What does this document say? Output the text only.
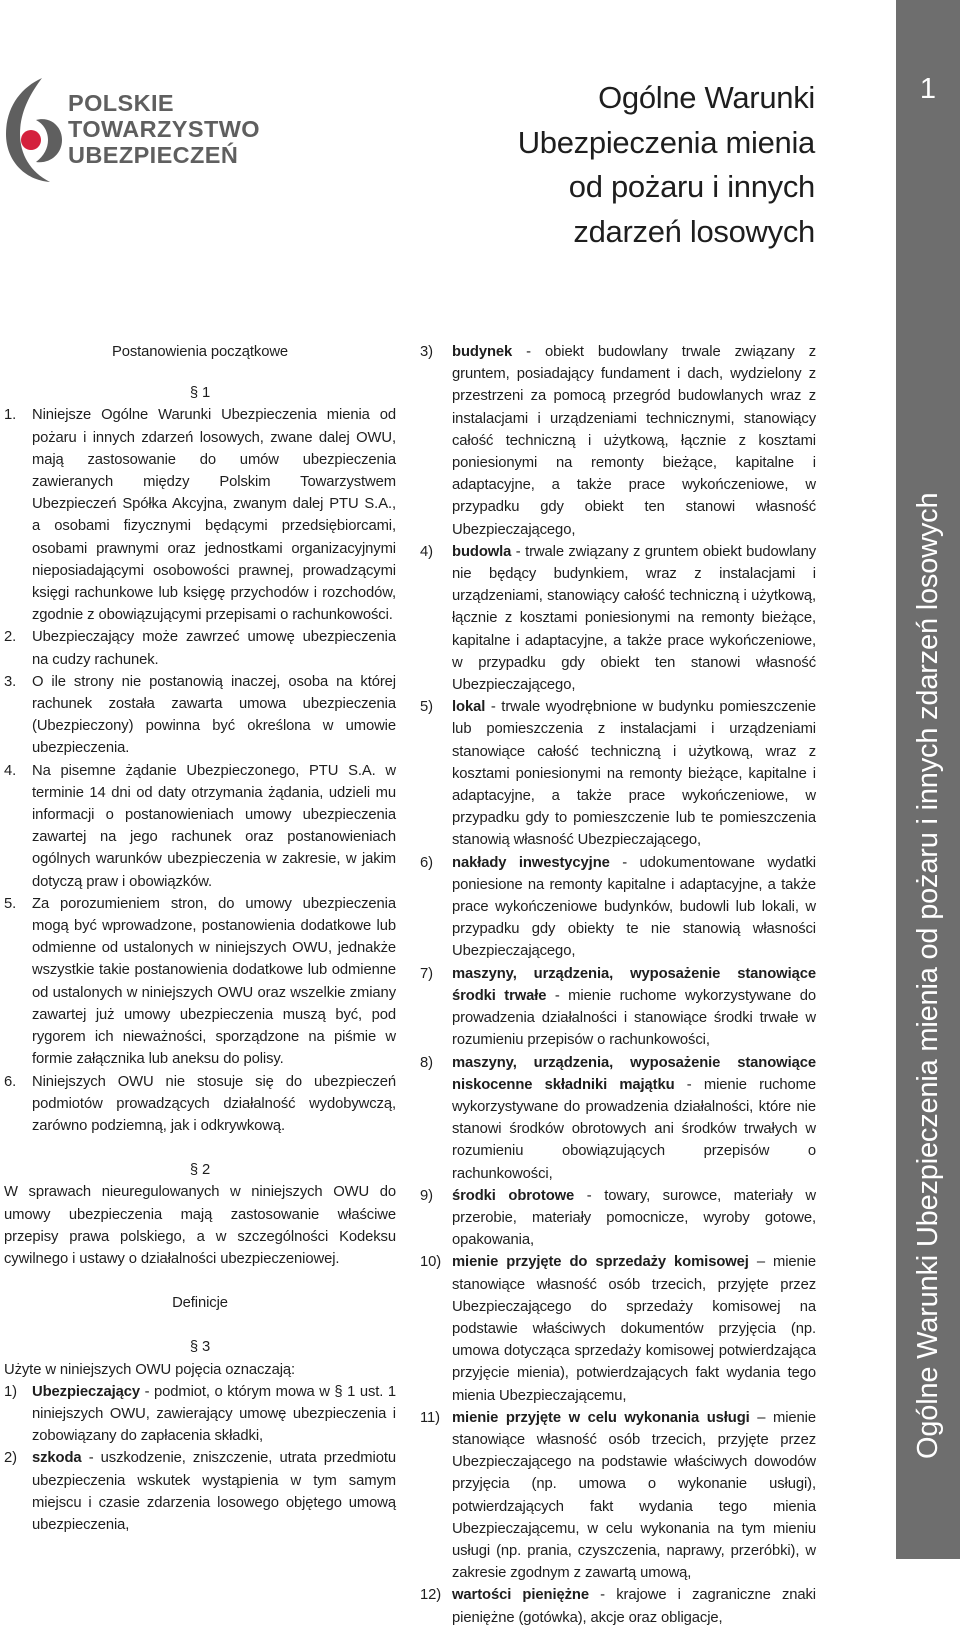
POLSKIE
TOWARZYSTWO
UBEZPIECZEŃ
Ogólne Warunki
Ubezpieczenia mienia
od pożaru i innych
zdarzeń losowych
1
Ogólne Warunki Ubezpieczenia mienia od pożaru i innych zdarzeń losowych

Postanowienia początkowe

§ 1

1. Niniejsze Ogólne Warunki Ubezpieczenia mienia od pożaru i innych zdarzeń losowych, zwane dalej OWU, mają zastosowanie do umów ubezpieczenia zawieranych między Polskim Towarzystwem Ubezpieczeń Spółka Akcyjna, zwanym dalej PTU S.A., a osobami fizycznymi będącymi przedsiębiorcami, osobami prawnymi oraz jednostkami organizacyjnymi nieposiadającymi osobowości prawnej, prowadzącymi księgi rachunkowe lub księgę przychodów i rozchodów, zgodnie z obowiązującymi przepisami o rachunkowości.
2. Ubezpieczający może zawrzeć umowę ubezpieczenia na cudzy rachunek.
3. O ile strony nie postanowią inaczej, osoba na której rachunek została zawarta umowa ubezpieczenia (Ubezpieczony) powinna być określona w umowie ubezpieczenia.
4. Na pisemne żądanie Ubezpieczonego, PTU S.A. w terminie 14 dni od daty otrzymania żądania, udzieli mu informacji o postanowieniach umowy ubezpieczenia zawartej na jego rachunek oraz postanowieniach ogólnych warunków ubezpieczenia w zakresie, w jakim dotyczą praw i obowiązków.
5. Za porozumieniem stron, do umowy ubezpieczenia mogą być wprowadzone, postanowienia dodatkowe lub odmienne od ustalonych w niniejszych OWU, jednakże wszystkie takie postanowienia dodatkowe lub odmienne od ustalonych w niniejszych OWU oraz wszelkie zmiany zawartej już umowy ubezpieczenia muszą być, pod rygorem ich nieważności, sporządzone na piśmie w formie załącznika lub aneksu do polisy.
6. Niniejszych OWU nie stosuje się do ubezpieczeń podmiotów prowadzących działalność wydobywczą, zarówno podziemną, jak i odkrywkową.

§ 2

W sprawach nieuregulowanych w niniejszych OWU do umowy ubezpieczenia mają zastosowanie właściwe przepisy prawa polskiego, a w szczególności Kodeksu cywilnego i ustawy o działalności ubezpieczeniowej.

Definicje

§ 3

Użyte w niniejszych OWU pojęcia oznaczają:

1) Ubezpieczający - podmiot, o którym mowa w § 1 ust. 1 niniejszych OWU, zawierający umowę ubezpieczenia i zobowiązany do zapłacenia składki,
2) szkoda - uszkodzenie, zniszczenie, utrata przedmiotu ubezpieczenia wskutek wystąpienia w tym samym miejscu i czasie zdarzenia losowego objętego umową ubezpieczenia,
3) budynek - obiekt budowlany trwale związany z gruntem, posiadający fundament i dach, wydzielony z przestrzeni za pomocą przegród budowlanych wraz z instalacjami i urządzeniami technicznymi, stanowiący całość techniczną i użytkową, łącznie z kosztami poniesionymi na remonty bieżące, kapitalne i adaptacyjne, a także prace wykończeniowe, w przypadku gdy obiekt ten stanowi własność Ubezpieczającego,
4) budowla - trwale związany z gruntem obiekt budowlany nie będący budynkiem, wraz z instalacjami i urządzeniami, stanowiący całość techniczną i użytkową, łącznie z kosztami poniesionymi na remonty bieżące, kapitalne i adaptacyjne, a także prace wykończeniowe, w przypadku gdy obiekt ten stanowi własność Ubezpieczającego,
5) lokal - trwale wyodrębnione w budynku pomieszczenie lub pomieszczenia z instalacjami i urządzeniami stanowiące całość techniczną i użytkową, wraz z kosztami poniesionymi na remonty bieżące, kapitalne i adaptacyjne, a także prace wykończeniowe, w przypadku gdy to pomieszczenie lub te pomieszczenia stanowią własność Ubezpieczającego,
6) nakłady inwestycyjne - udokumentowane wydatki poniesione na remonty kapitalne i adaptacyjne, a także prace wykończeniowe budynków, budowli lub lokali, w przypadku gdy obiekty te nie stanowią własności Ubezpieczającego,
7) maszyny, urządzenia, wyposażenie stanowiące środki trwałe - mienie ruchome wykorzystywane do prowadzenia działalności i stanowiące środki trwałe w rozumieniu przepisów o rachunkowości,
8) maszyny, urządzenia, wyposażenie stanowiące niskocenne składniki majątku - mienie ruchome wykorzystywane do prowadzenia działalności, które nie stanowi środków obrotowych ani środków trwałych w rozumieniu obowiązujących przepisów o rachunkowości,
9) środki obrotowe - towary, surowce, materiały w przerobie, materiały pomocnicze, wyroby gotowe, opakowania,
10) mienie przyjęte do sprzedaży komisowej – mienie stanowiące własność osób trzecich, przyjęte przez Ubezpieczającego do sprzedaży komisowej na podstawie właściwych dokumentów przyjęcia (np. umowa dotycząca sprzedaży komisowej potwierdzająca przyjęcie mienia), potwierdzających fakt wydania tego mienia Ubezpieczającemu,
11) mienie przyjęte w celu wykonania usługi – mienie stanowiące własność osób trzecich, przyjęte przez Ubezpieczającego na podstawie właściwych dowodów przyjęcia (np. umowa o wykonanie usługi), potwierdzających fakt wydania tego mienia Ubezpieczającemu, w celu wykonania na tym mieniu usługi (np. prania, czyszczenia, naprawy, przeróbki), w zakresie zgodnym z zawartą umową,
12) wartości pieniężne - krajowe i zagraniczne znaki pieniężne (gotówka), akcje oraz obligacje,
